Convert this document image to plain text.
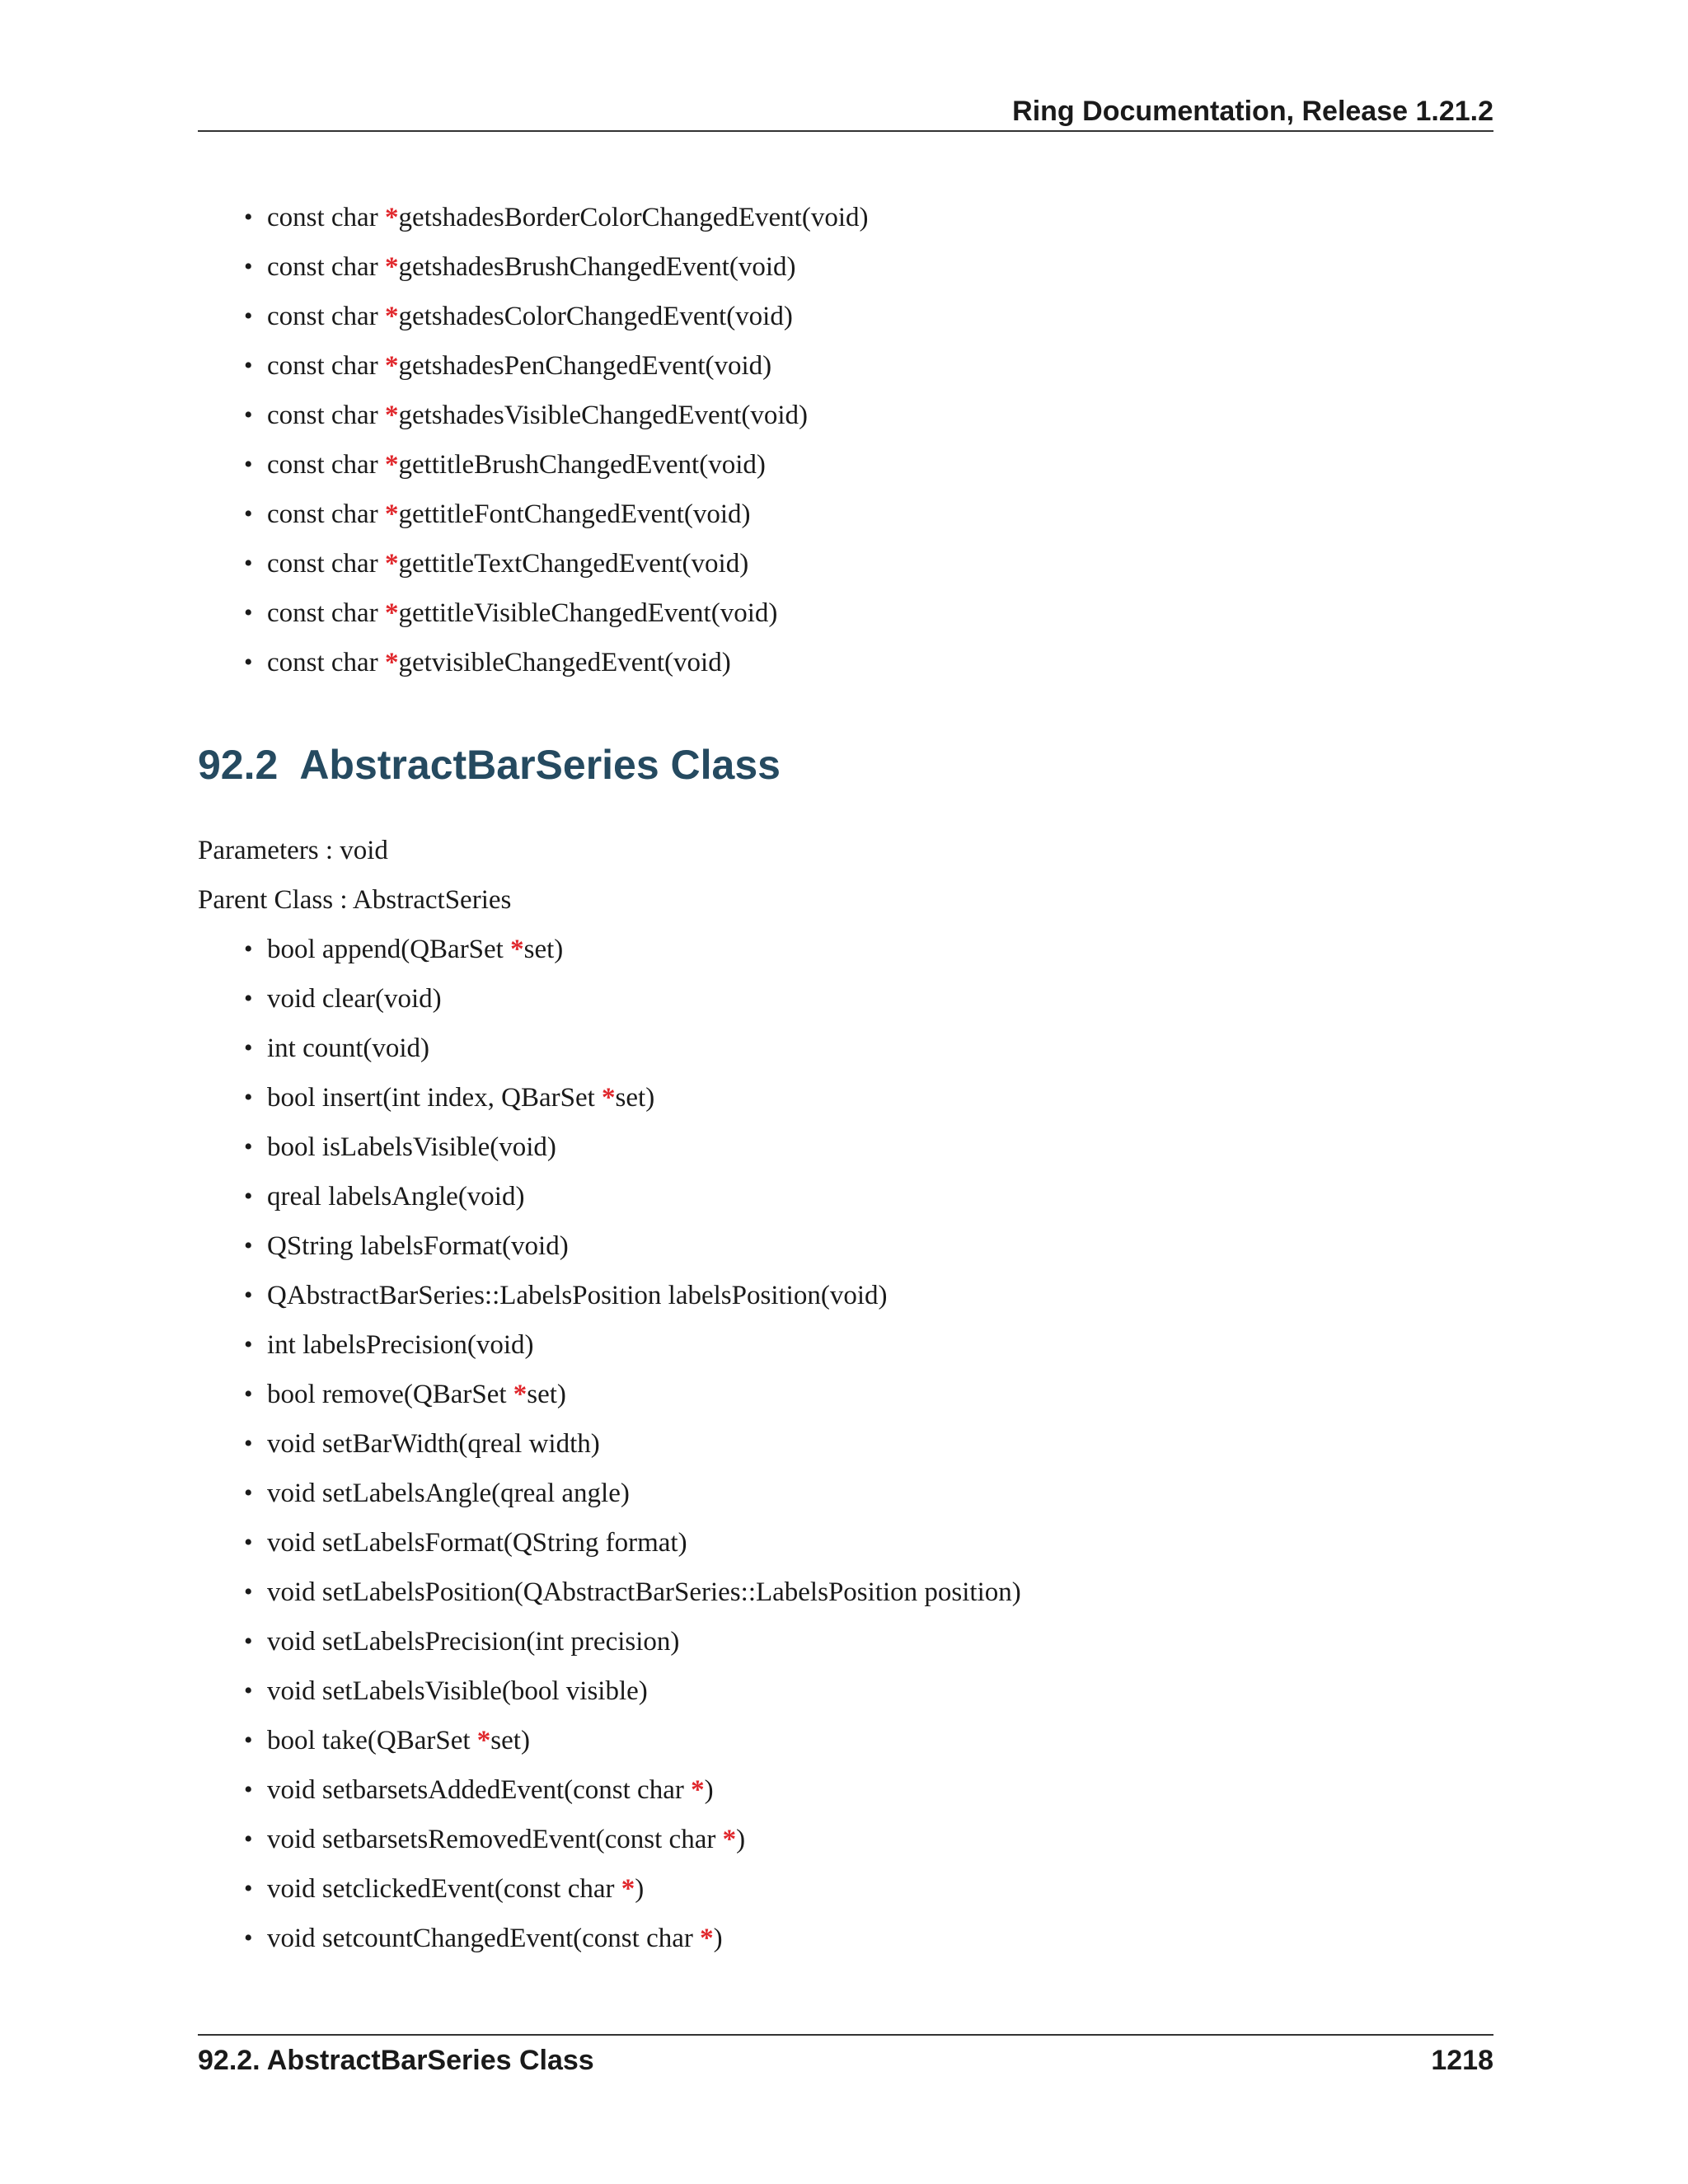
Ring Documentation, Release 1.21.2
• const char *getshadesBorderColorChangedEvent(void)
• const char *getshadesBrushChangedEvent(void)
• const char *getshadesColorChangedEvent(void)
• const char *getshadesPenChangedEvent(void)
• const char *getshadesVisibleChangedEvent(void)
• const char *gettitleBrushChangedEvent(void)
• const char *gettitleFontChangedEvent(void)
• const char *gettitleTextChangedEvent(void)
• const char *gettitleVisibleChangedEvent(void)
• const char *getvisibleChangedEvent(void)
92.2 AbstractBarSeries Class
Parameters : void
Parent Class : AbstractSeries
• bool append(QBarSet *set)
• void clear(void)
• int count(void)
• bool insert(int index, QBarSet *set)
• bool isLabelsVisible(void)
• qreal labelsAngle(void)
• QString labelsFormat(void)
• QAbstractBarSeries::LabelsPosition labelsPosition(void)
• int labelsPrecision(void)
• bool remove(QBarSet *set)
• void setBarWidth(qreal width)
• void setLabelsAngle(qreal angle)
• void setLabelsFormat(QString format)
• void setLabelsPosition(QAbstractBarSeries::LabelsPosition position)
• void setLabelsPrecision(int precision)
• void setLabelsVisible(bool visible)
• bool take(QBarSet *set)
• void setbarsetsAddedEvent(const char *)
• void setbarsetsRemovedEvent(const char *)
• void setclickedEvent(const char *)
• void setcountChangedEvent(const char *)
92.2. AbstractBarSeries Class	1218
